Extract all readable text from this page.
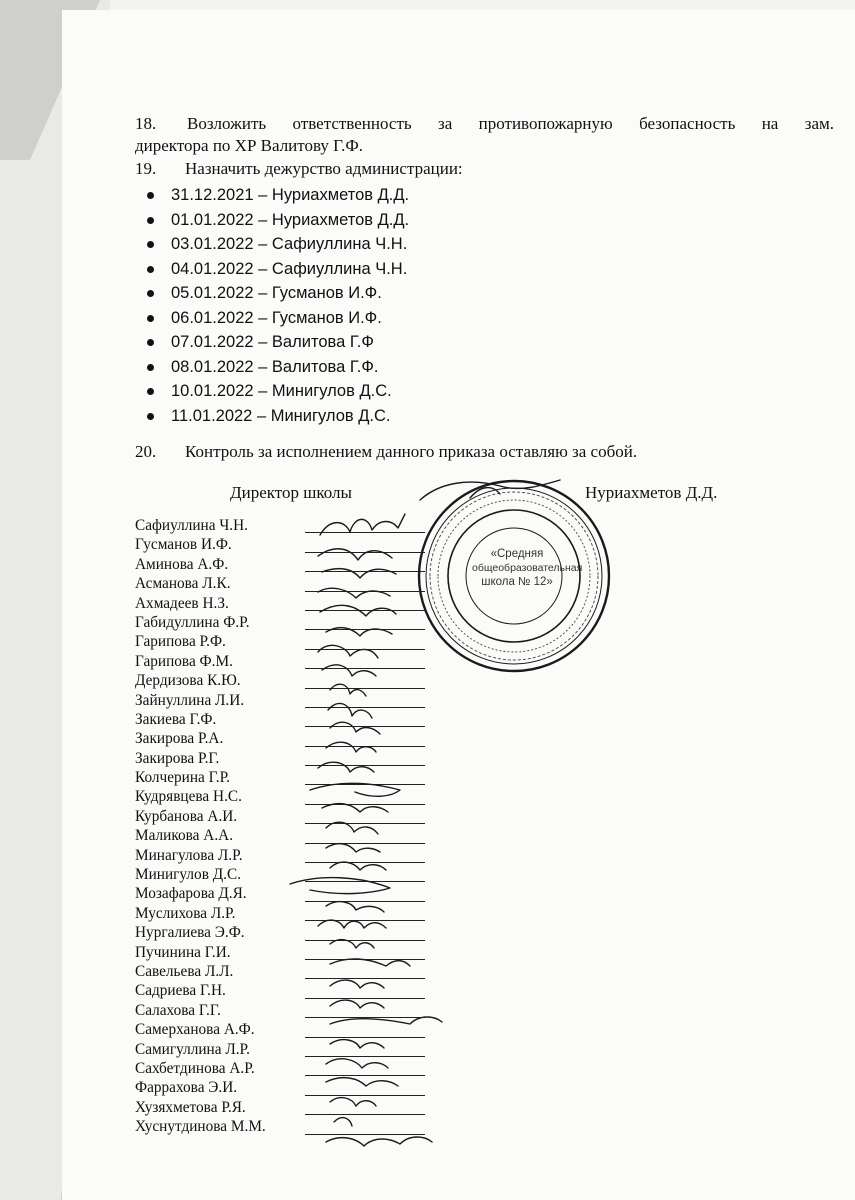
18.	Возложить ответственность за противопожарную безопасность на зам.

директора по ХР Валитову Г.Ф.

19. Назначить дежурство администрации:
31.12.2021 – Нуриахметов Д.Д.
01.01.2022 – Нуриахметов Д.Д.
03.01.2022 – Сафиуллина Ч.Н.
04.01.2022 – Сафиуллина Ч.Н.
05.01.2022 – Гусманов И.Ф.
06.01.2022 – Гусманов И.Ф.
07.01.2022 – Валитова Г.Ф
08.01.2022 – Валитова Г.Ф.
10.01.2022 – Минигулов Д.С.
11.01.2022 – Минигулов Д.С.
20. Контроль за исполнением данного приказа оставляю за собой.
Директор школы	Нуриахметов Д.Д.
«Средняя
общеобразовательная
школа № 12»
Сафиуллина Ч.Н.
Гусманов И.Ф.
Аминова А.Ф.
Асманова Л.К.
Ахмадеев Н.З.
Габидуллина Ф.Р.
Гарипова Р.Ф.
Гарипова Ф.М.
Дердизова К.Ю.
Зайнуллина Л.И.
Закиева Г.Ф.
Закирова Р.А.
Закирова Р.Г.
Колчерина Г.Р.
Кудрявцева Н.С.
Курбанова А.И.
Маликова А.А.
Минагулова Л.Р.
Минигулов Д.С.
Мозафарова Д.Я.
Муслихова Л.Р.
Нургалиева Э.Ф.
Пучинина Г.И.
Савельева Л.Л.
Садриева Г.Н.
Салахова Г.Г.
Самерханова А.Ф.
Самигуллина Л.Р.
Сахбетдинова А.Р.
Фаррахова Э.И.
Хузяхметова Р.Я.
Хуснутдинова М.М.
